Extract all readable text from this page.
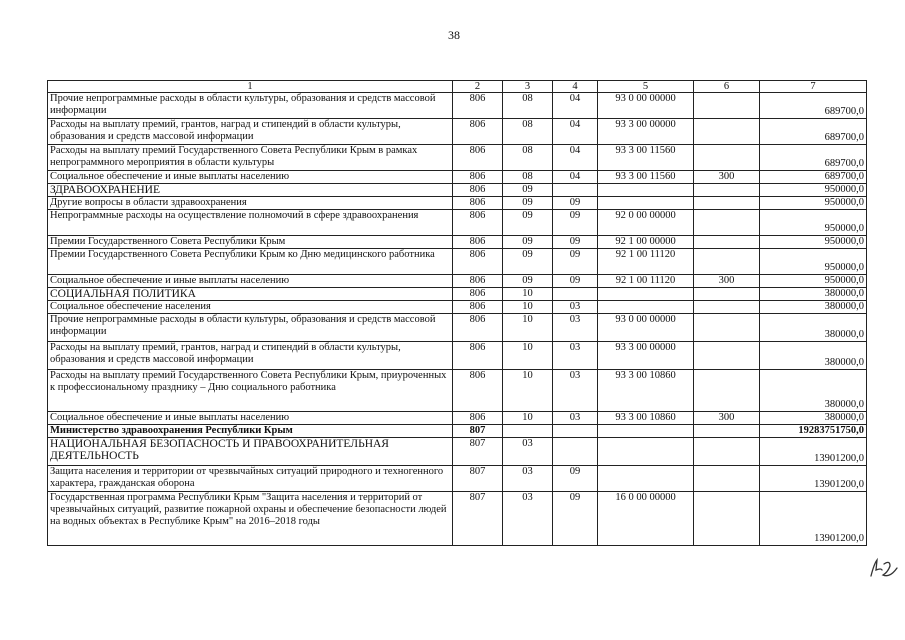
38
1	2	3	4	5	6	7
Прочие непрограммные расходы в области культуры, образования и средств массовой информации	806	08	04	93 0 00 00000		689700,0
Расходы на выплату премий, грантов, наград и стипендий в области культуры, образования и средств массовой информации	806	08	04	93 3 00 00000		689700,0
Расходы на выплату премий Государственного Совета Республики Крым в рамках непрограммного мероприятия в области культуры	806	08	04	93 3 00 11560		689700,0
Социальное обеспечение и иные выплаты населению	806	08	04	93 3 00 11560	300	689700,0
ЗДРАВООХРАНЕНИЕ	806	09				950000,0
Другие вопросы в области здравоохранения	806	09	09			950000,0
Непрограммные расходы на осуществление полномочий в сфере здравоохранения	806	09	09	92 0 00 00000		950000,0
Премии Государственного Совета Республики Крым	806	09	09	92 1 00 00000		950000,0
Премии Государственного Совета Республики Крым ко Дню медицинского работника	806	09	09	92 1 00 11120		950000,0
Социальное обеспечение и иные выплаты населению	806	09	09	92 1 00 11120	300	950000,0
СОЦИАЛЬНАЯ ПОЛИТИКА	806	10				380000,0
Социальное обеспечение населения	806	10	03			380000,0
Прочие непрограммные расходы в области культуры, образования и средств массовой информации	806	10	03	93 0 00 00000		380000,0
Расходы на выплату премий, грантов, наград и стипендий в области культуры, образования и средств массовой информации	806	10	03	93 3 00 00000		380000,0
Расходы на выплату премий Государственного Совета Республики Крым, приуроченных к профессиональному празднику – Дню социального работника	806	10	03	93 3 00 10860		380000,0
Социальное обеспечение и иные выплаты населению	806	10	03	93 3 00 10860	300	380000,0
Министерство здравоохранения Республики Крым	807					19283751750,0
НАЦИОНАЛЬНАЯ БЕЗОПАСНОСТЬ И ПРАВООХРАНИТЕЛЬНАЯ ДЕЯТЕЛЬНОСТЬ	807	03				13901200,0
Защита населения и территории от чрезвычайных ситуаций природного и техногенного характера, гражданская оборона	807	03	09			13901200,0
Государственная программа Республики Крым "Защита населения и территорий от чрезвычайных ситуаций, развитие пожарной охраны и обеспечение безопасности людей на водных объектах в Республике Крым" на 2016–2018 годы	807	03	09	16 0 00 00000		13901200,0
